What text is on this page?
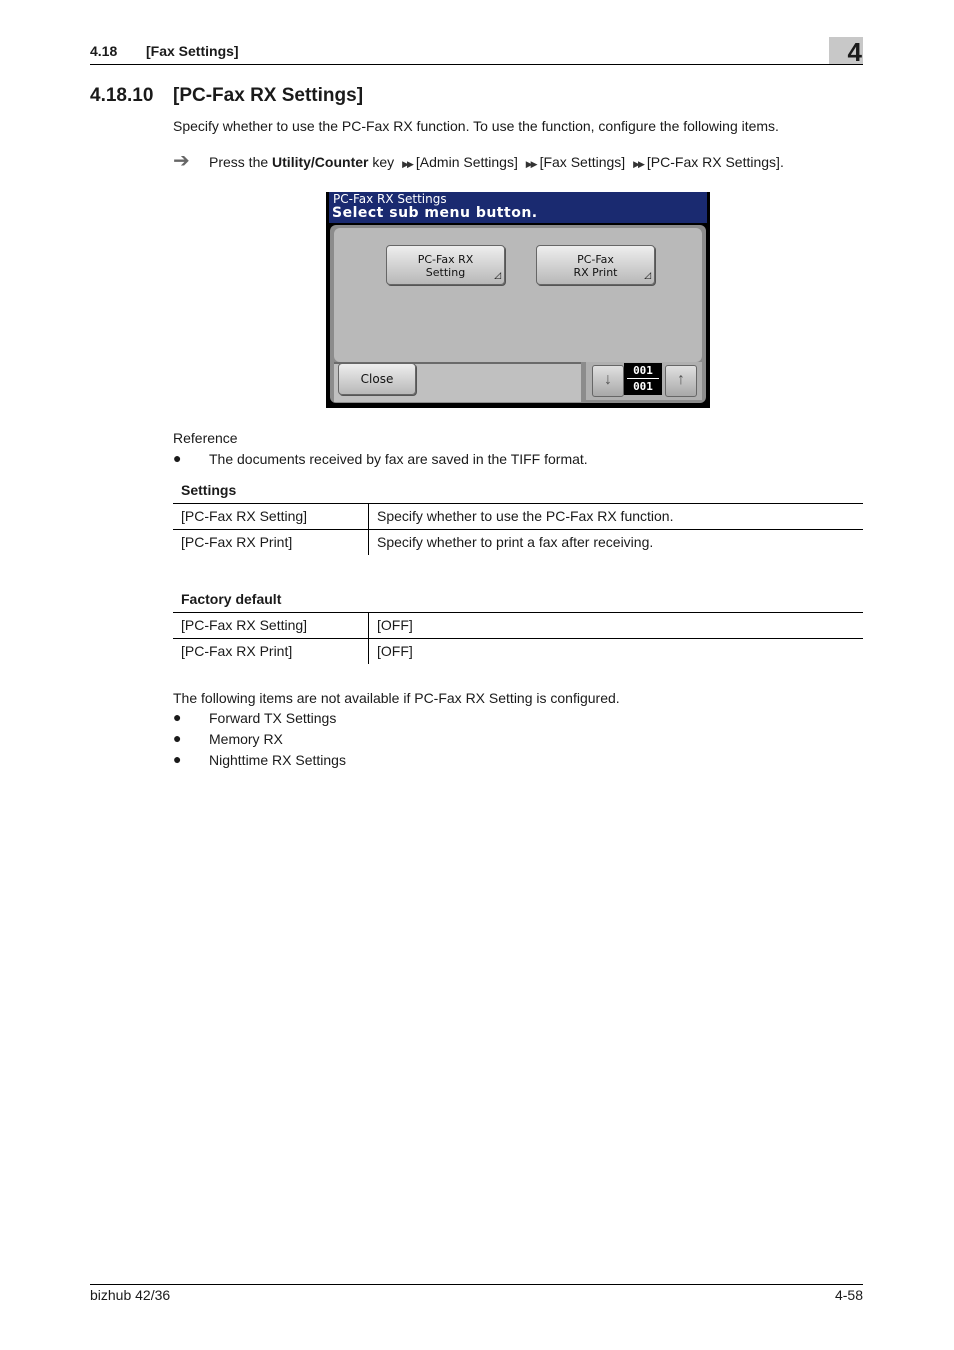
4.18 [Fax Settings]	4
4.18.10 [PC-Fax RX Settings]
Specify whether to use the PC-Fax RX function. To use the function, configure the following items.
➔ Press the Utility/Counter key ▶▶ [Admin Settings] ▶▶ [Fax Settings] ▶▶ [PC-Fax RX Settings].
PC-Fax RX Settings
Select sub menu button.
PC-Fax RX
Setting	◿
PC-Fax
RX Print	◿
Close	↓
001
001	↑
Reference
● The documents received by fax are saved in the TIFF format.
Settings
[PC-Fax RX Setting]	Specify whether to use the PC-Fax RX function.
[PC-Fax RX Print]	Specify whether to print a fax after receiving.
Factory default
[PC-Fax RX Setting]	[OFF]
[PC-Fax RX Print]	[OFF]
The following items are not available if PC-Fax RX Setting is configured.
● Forward TX Settings
● Memory RX
● Nighttime RX Settings
bizhub 42/36	4-58
